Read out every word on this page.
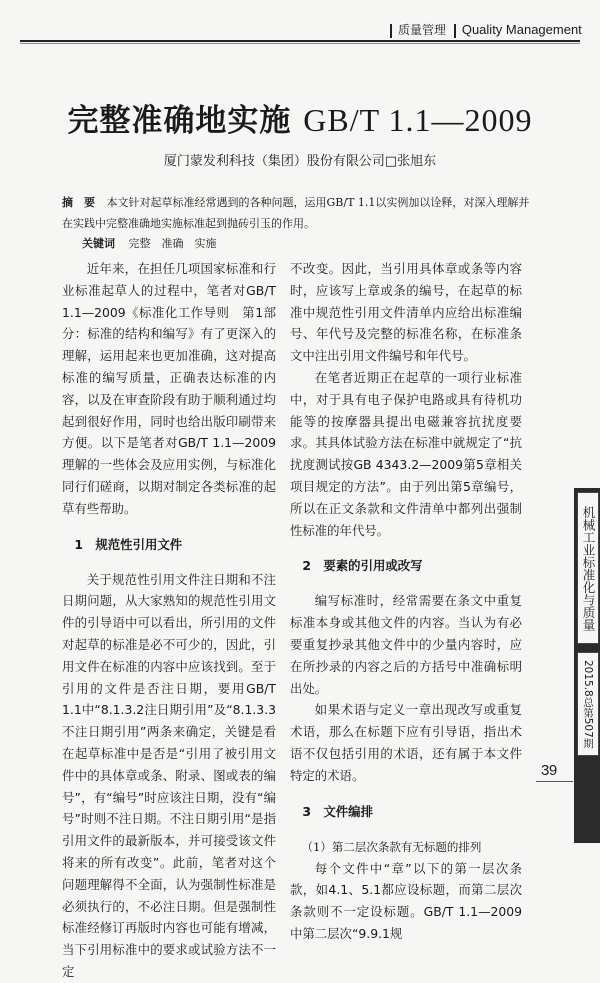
质量管理 Quality Management
完整准确地实施 GB/T 1.1—2009
厦门蒙发利科技（集团）股份有限公司□张旭东
摘　要 本文针对起草标准经常遇到的各种问题，运用GB/T 1.1以实例加以诠释，对深入理解并在实践中完整准确地实施标准起到抛砖引玉的作用。
关键词 完整　准确　实施

近年来，在担任几项国家标准和行业标准起草人的过程中，笔者对GB/T 1.1—2009《标准化工作导则　第1部分：标准的结构和编写》有了更深入的理解，运用起来也更加准确，这对提高标准的编写质量，正确表达标准的内容，以及在审查阶段有助于顺利通过均起到很好作用，同时也给出版印刷带来方便。以下是笔者对GB/T 1.1—2009理解的一些体会及应用实例，与标准化同行们磋商，以期对制定各类标准的起草有些帮助。

1　规范性引用文件

关于规范性引用文件注日期和不注日期问题，从大家熟知的规范性引用文件的引导语中可以看出，所引用的文件对起草的标准是必不可少的，因此，引用文件在标准的内容中应该找到。至于引用的文件是否注日期，要用GB/T 1.1中“8.1.3.2注日期引用”及“8.1.3.3不注日期引用”两条来确定，关键是看在起草标准中是否是“引用了被引用文件中的具体章或条、附录、图或表的编号”，有“编号”时应该注日期，没有“编号”时则不注日期。不注日期引用“是指引用文件的最新版本，并可接受该文件将来的所有改变”。此前，笔者对这个问题理解得不全面，认为强制性标准是必须执行的，不必注日期。但是强制性标准经修订再版时内容也可能有增减，当下引用标准中的要求或试验方法不一定

不改变。因此，当引用具体章或条等内容时，应该写上章或条的编号，在起草的标准中规范性引用文件清单内应给出标准编号、年代号及完整的标准名称，在标准条文中注出引用文件编号和年代号。

在笔者近期正在起草的一项行业标准中，对于具有电子保护电路或具有待机功能等的按摩器具提出电磁兼容抗扰度要求。其具体试验方法在标准中就规定了“抗扰度测试按GB 4343.2—2009第5章相关项目规定的方法”。由于列出第5章编号，所以在正文条款和文件清单中都列出强制性标准的年代号。

2　要素的引用或改写

编写标准时，经常需要在条文中重复标准本身或其他文件的内容。当认为有必要重复抄录其他文件中的少量内容时，应在所抄录的内容之后的方括号中准确标明出处。

如果术语与定义一章出现改写或重复术语，那么在标题下应有引导语，指出术语不仅包括引用的术语，还有属于本文件特定的术语。

3　文件编排
（1）第二层次条款有无标题的排列

每个文件中“章”以下的第一层次条款，如4.1、5.1都应设标题，而第二层次条款则不一定设标题。GB/T 1.1—2009中第二层次“9.9.1规

机械工业标准化与质量
2015.8总第507期
39
